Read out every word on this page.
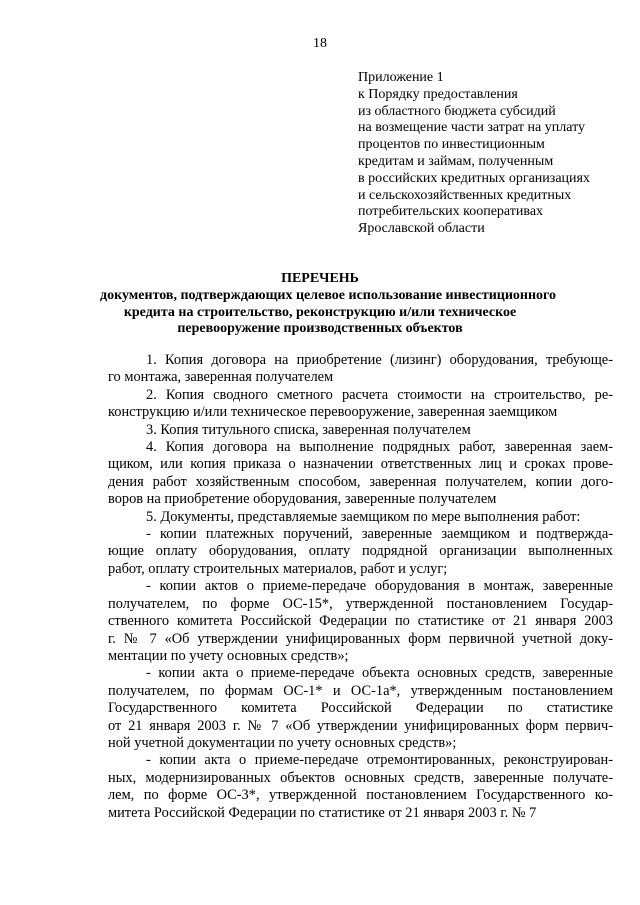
18
Приложение 1
к Порядку предоставления
из областного бюджета субсидий
на возмещение части затрат на уплату
процентов по инвестиционным
кредитам и займам, полученным
в российских кредитных организациях
и сельскохозяйственных кредитных
потребительских кооперативах
Ярославской области
ПЕРЕЧЕНЬ
документов, подтверждающих целевое использование инвестиционного
кредита на строительство, реконструкцию и/или техническое
перевооружение производственных объектов

1. Копия договора на приобретение (лизинг) оборудования, требующе-
го монтажа, заверенная получателем

2. Копия сводного сметного расчета стоимости на строительство, ре-
конструкцию и/или техническое перевооружение, заверенная заемщиком

3. Копия титульного списка, заверенная получателем

4. Копия договора на выполнение подрядных работ, заверенная заем-
щиком, или копия приказа о назначении ответственных лиц и сроках прове-
дения работ хозяйственным способом, заверенная получателем, копии дого-
воров на приобретение оборудования, заверенные получателем

5. Документы, представляемые заемщиком по мере выполнения работ:

- копии платежных поручений, заверенные заемщиком и подтвержда-
ющие оплату оборудования, оплату подрядной организации выполненных
работ, оплату строительных материалов, работ и услуг;

- копии актов о приеме-передаче оборудования в монтаж, заверенные
получателем, по форме ОС-15*, утвержденной постановлением Государ-
ственного комитета Российской Федерации по статистике от 21 января 2003
г. № 7 «Об утверждении унифицированных форм первичной учетной доку-
ментации по учету основных средств»;

- копии акта о приеме-передаче объекта основных средств, заверенные
получателем, по формам ОС-1* и ОС-1а*, утвержденным постановлением
Государственного комитета Российской Федерации по статистике
от 21 января 2003 г. № 7 «Об утверждении унифицированных форм первич-
ной учетной документации по учету основных средств»;

- копии акта о приеме-передаче отремонтированных, реконструирован-
ных, модернизированных объектов основных средств, заверенные получате-
лем, по форме ОС-3*, утвержденной постановлением Государственного ко-
митета Российской Федерации по статистике от 21 января 2003 г. № 7
